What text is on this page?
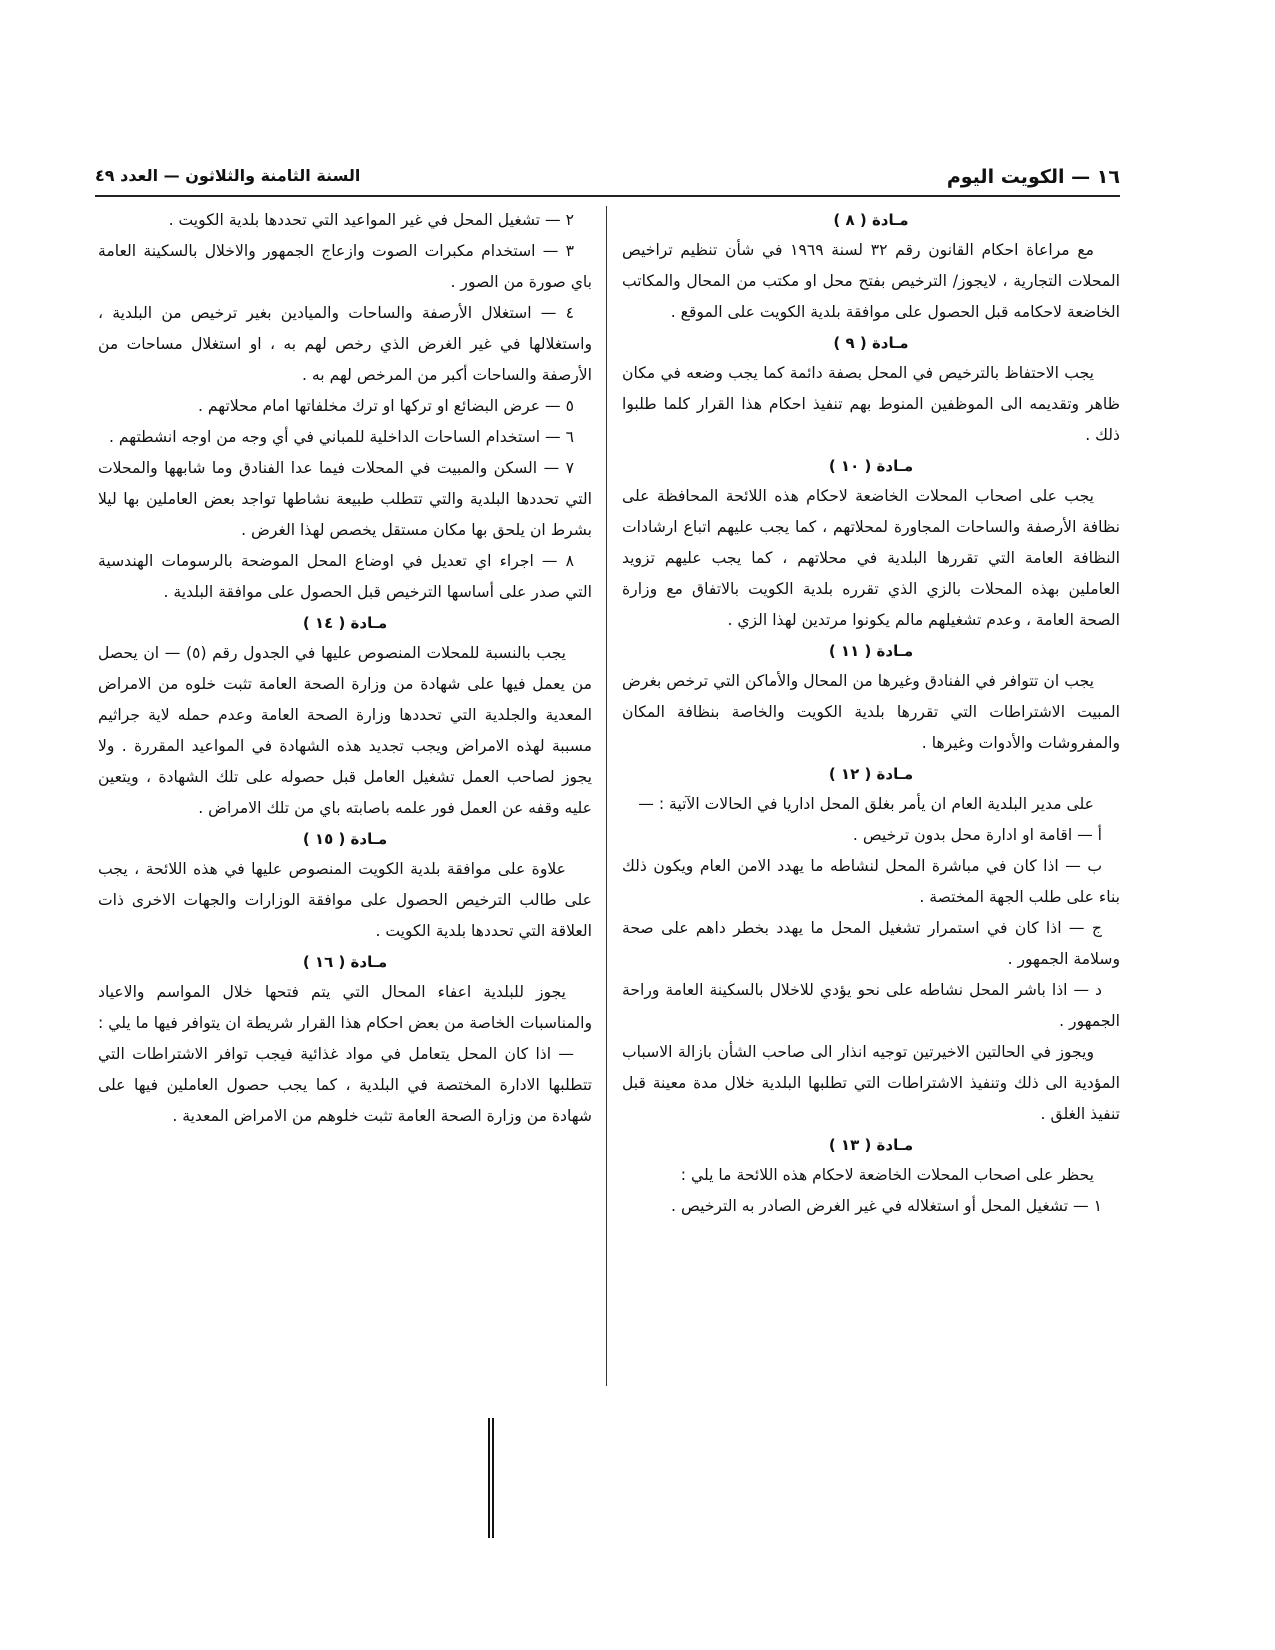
١٦ — الكويت اليوم
السنة الثامنة والثلاثون — العدد ٤٩

مـادة ( ٨ )

مع مراعاة احكام القانون رقم ٣٢ لسنة ١٩٦٩ في شأن تنظيم تراخيص المحلات التجارية ، لايجوز/ الترخيص بفتح محل او مكتب من المحال والمكاتب الخاضعة لاحكامه قبل الحصول على موافقة بلدية الكويت على الموقع .

مـادة ( ٩ )

يجب الاحتفاظ بالترخيص في المحل بصفة دائمة كما يجب وضعه في مكان ظاهر وتقديمه الى الموظفين المنوط بهم تنفيذ احكام هذا القرار كلما طلبوا ذلك .

مـادة ( ١٠ )

يجب على اصحاب المحلات الخاضعة لاحكام هذه اللائحة المحافظة على نظافة الأرصفة والساحات المجاورة لمحلاتهم ، كما يجب عليهم اتباع ارشادات النظافة العامة التي تقررها البلدية في محلاتهم ، كما يجب عليهم تزويد العاملين بهذه المحلات بالزي الذي تقرره بلدية الكويت بالاتفاق مع وزارة الصحة العامة ، وعدم تشغيلهم مالم يكونوا مرتدين لهذا الزي .

مـادة ( ١١ )

يجب ان تتوافر في الفنادق وغيرها من المحال والأماكن التي ترخص بغرض المبيت الاشتراطات التي تقررها بلدية الكويت والخاصة بنظافة المكان والمفروشات والأدوات وغيرها .

مـادة ( ١٢ )

على مدير البلدية العام ان يأمر بغلق المحل اداريا في الحالات الآتية : —

أ — اقامة او ادارة محل بدون ترخيص .

ب — اذا كان في مباشرة المحل لنشاطه ما يهدد الامن العام ويكون ذلك بناء على طلب الجهة المختصة .

ج — اذا كان في استمرار تشغيل المحل ما يهدد بخطر داهم على صحة وسلامة الجمهور .

د — اذا باشر المحل نشاطه على نحو يؤدي للاخلال بالسكينة العامة وراحة الجمهور .

ويجوز في الحالتين الاخيرتين توجيه انذار الى صاحب الشأن بازالة الاسباب المؤدية الى ذلك وتنفيذ الاشتراطات التي تطلبها البلدية خلال مدة معينة قبل تنفيذ الغلق .

مـادة ( ١٣ )

يحظر على اصحاب المحلات الخاضعة لاحكام هذه اللائحة ما يلي :

١ — تشغيل المحل أو استغلاله في غير الغرض الصادر به الترخيص .

٢ — تشغيل المحل في غير المواعيد التي تحددها بلدية الكويت .

٣ — استخدام مكبرات الصوت وازعاج الجمهور والاخلال بالسكينة العامة باي صورة من الصور .

٤ — استغلال الأرصفة والساحات والميادين بغير ترخيص من البلدية ، واستغلالها في غير الغرض الذي رخص لهم به ، او استغلال مساحات من الأرصفة والساحات أكبر من المرخص لهم به .

٥ — عرض البضائع او تركها او ترك مخلفاتها امام محلاتهم .

٦ — استخدام الساحات الداخلية للمباني في أي وجه من اوجه انشطتهم .

٧ — السكن والمبيت في المحلات فيما عدا الفنادق وما شابهها والمحلات التي تحددها البلدية والتي تتطلب طبيعة نشاطها تواجد بعض العاملين بها ليلا بشرط ان يلحق بها مكان مستقل يخصص لهذا الغرض .

٨ — اجراء اي تعديل في اوضاع المحل الموضحة بالرسومات الهندسية التي صدر على أساسها الترخيص قبل الحصول على موافقة البلدية .

مـادة ( ١٤ )

يجب بالنسبة للمحلات المنصوص عليها في الجدول رقم (٥) — ان يحصل من يعمل فيها على شهادة من وزارة الصحة العامة تثبت خلوه من الامراض المعدية والجلدية التي تحددها وزارة الصحة العامة وعدم حمله لاية جراثيم مسببة لهذه الامراض ويجب تجديد هذه الشهادة في المواعيد المقررة . ولا يجوز لصاحب العمل تشغيل العامل قبل حصوله على تلك الشهادة ، ويتعين عليه وقفه عن العمل فور علمه باصابته باي من تلك الامراض .

مـادة ( ١٥ )

علاوة على موافقة بلدية الكويت المنصوص عليها في هذه اللائحة ، يجب على طالب الترخيص الحصول على موافقة الوزارات والجهات الاخرى ذات العلاقة التي تحددها بلدية الكويت .

مـادة ( ١٦ )

يجوز للبلدية اعفاء المحال التي يتم فتحها خلال المواسم والاعياد والمناسبات الخاصة من بعض احكام هذا القرار شريطة ان يتوافر فيها ما يلي :

— اذا كان المحل يتعامل في مواد غذائية فيجب توافر الاشتراطات التي تتطلبها الادارة المختصة في البلدية ، كما يجب حصول العاملين فيها على شهادة من وزارة الصحة العامة تثبت خلوهم من الامراض المعدية .
